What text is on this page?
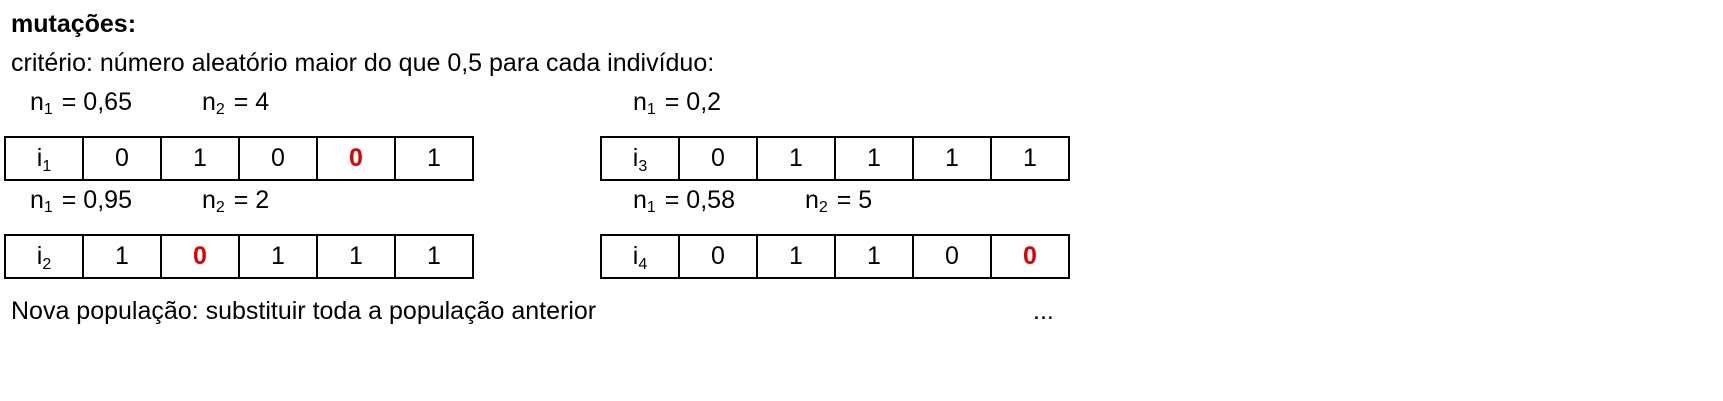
mutações:
critério: número aleatório maior do que 0,5 para cada indivíduo:
$n_1 = 0,65$	$n_2 = 4$	$n_1 = 0,2$
$i_1$	0	1	0	0	1	$i_3$	0	1	1	1	1
$n_1 = 0,95$	$n_2 = 2$	$n_1 = 0,58$	$n_2 = 5$
$i_2$	1	0	1	1	1	$i_4$	0	1	1	0	0
Nova população: substituir toda a população anterior	...
